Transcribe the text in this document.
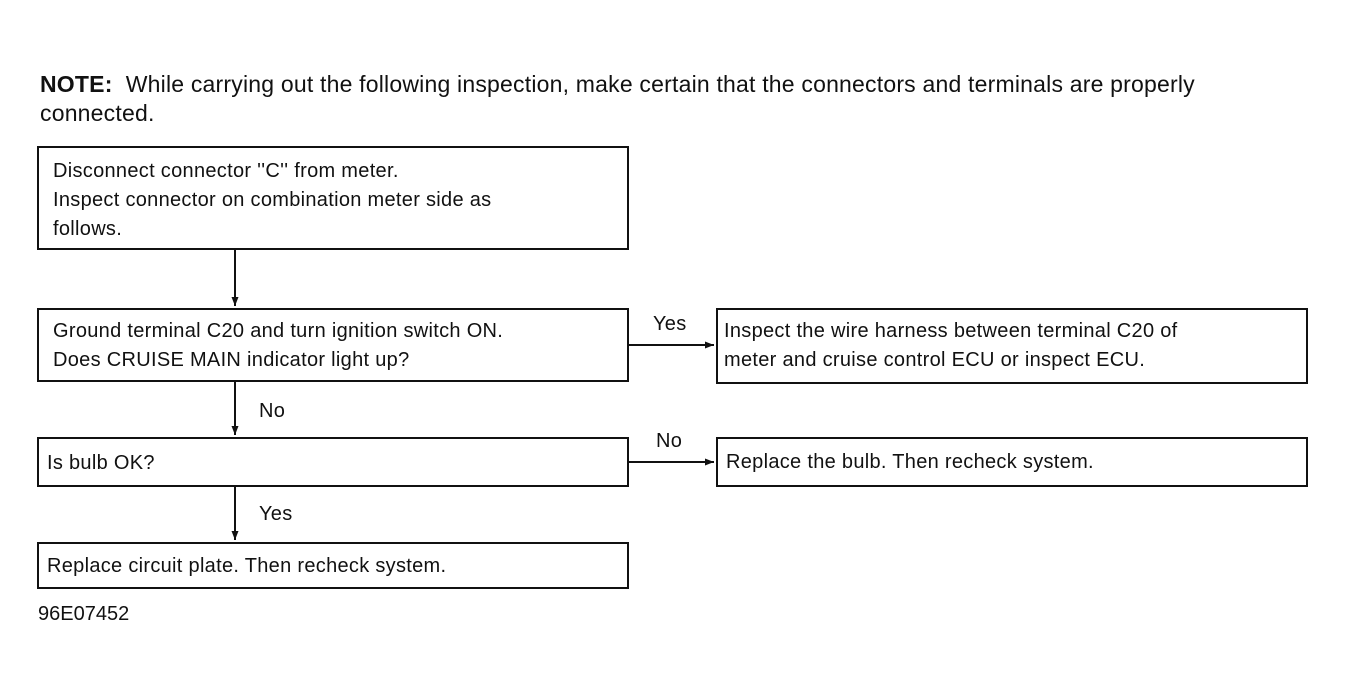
NOTE: While carrying out the following inspection, make certain that the connectors and terminals are properly connected.
Disconnect connector ''C'' from meter.
Inspect connector on combination meter side as
follows.
Ground terminal C20 and turn ignition switch ON.
Does CRUISE MAIN indicator light up?
Inspect the wire harness between terminal C20 of
meter and cruise control ECU or inspect ECU.
Is bulb OK?	Replace the bulb. Then recheck system.
Replace circuit plate. Then recheck system.
Yes
No
No
Yes
96E07452
